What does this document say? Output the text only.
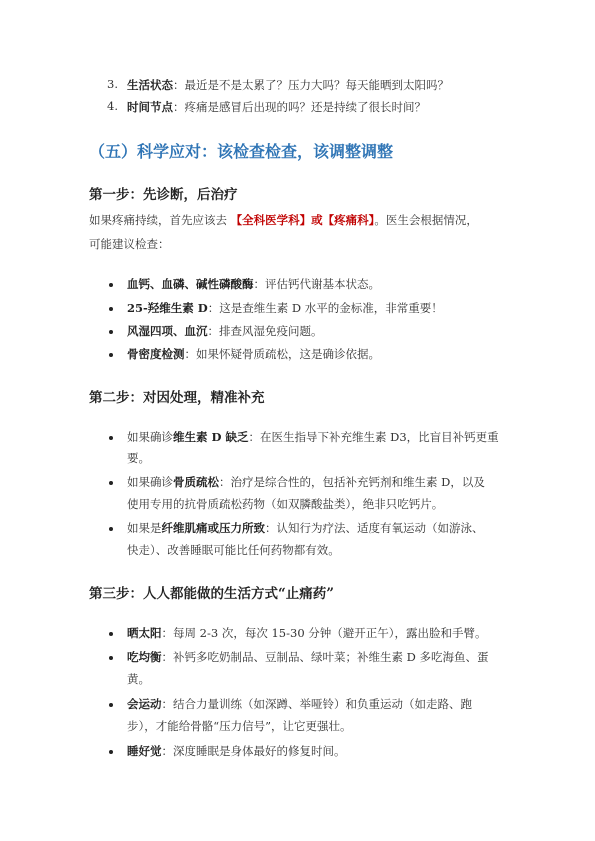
3. 生活状态：最近是不是太累了？压力大吗？每天能晒到太阳吗？
4. 时间节点：疼痛是感冒后出现的吗？还是持续了很长时间？
（五）科学应对：该检查检查，该调整调整
第一步：先诊断，后治疗
如果疼痛持续，首先应该去 【全科医学科】或【疼痛科】。医生会根据情况，
可能建议检查：
血钙、血磷、碱性磷酸酶：评估钙代谢基本状态。
25-羟维生素 D：这是查维生素 D 水平的金标准，非常重要！
风湿四项、血沉：排查风湿免疫问题。
骨密度检测：如果怀疑骨质疏松，这是确诊依据。
第二步：对因处理，精准补充
如果确诊维生素 D 缺乏：在医生指导下补充维生素 D3，比盲目补钙更重
要。
如果确诊骨质疏松：治疗是综合性的，包括补充钙剂和维生素 D，以及
使用专用的抗骨质疏松药物（如双膦酸盐类），绝非只吃钙片。
如果是纤维肌痛或压力所致：认知行为疗法、适度有氧运动（如游泳、
快走）、改善睡眠可能比任何药物都有效。
第三步：人人都能做的生活方式“止痛药”
晒太阳：每周 2-3 次，每次 15-30 分钟（避开正午），露出脸和手臂。
吃均衡：补钙多吃奶制品、豆制品、绿叶菜；补维生素 D 多吃海鱼、蛋
黄。
会运动：结合力量训练（如深蹲、举哑铃）和负重运动（如走路、跑
步），才能给骨骼“压力信号”，让它更强壮。
睡好觉：深度睡眠是身体最好的修复时间。
